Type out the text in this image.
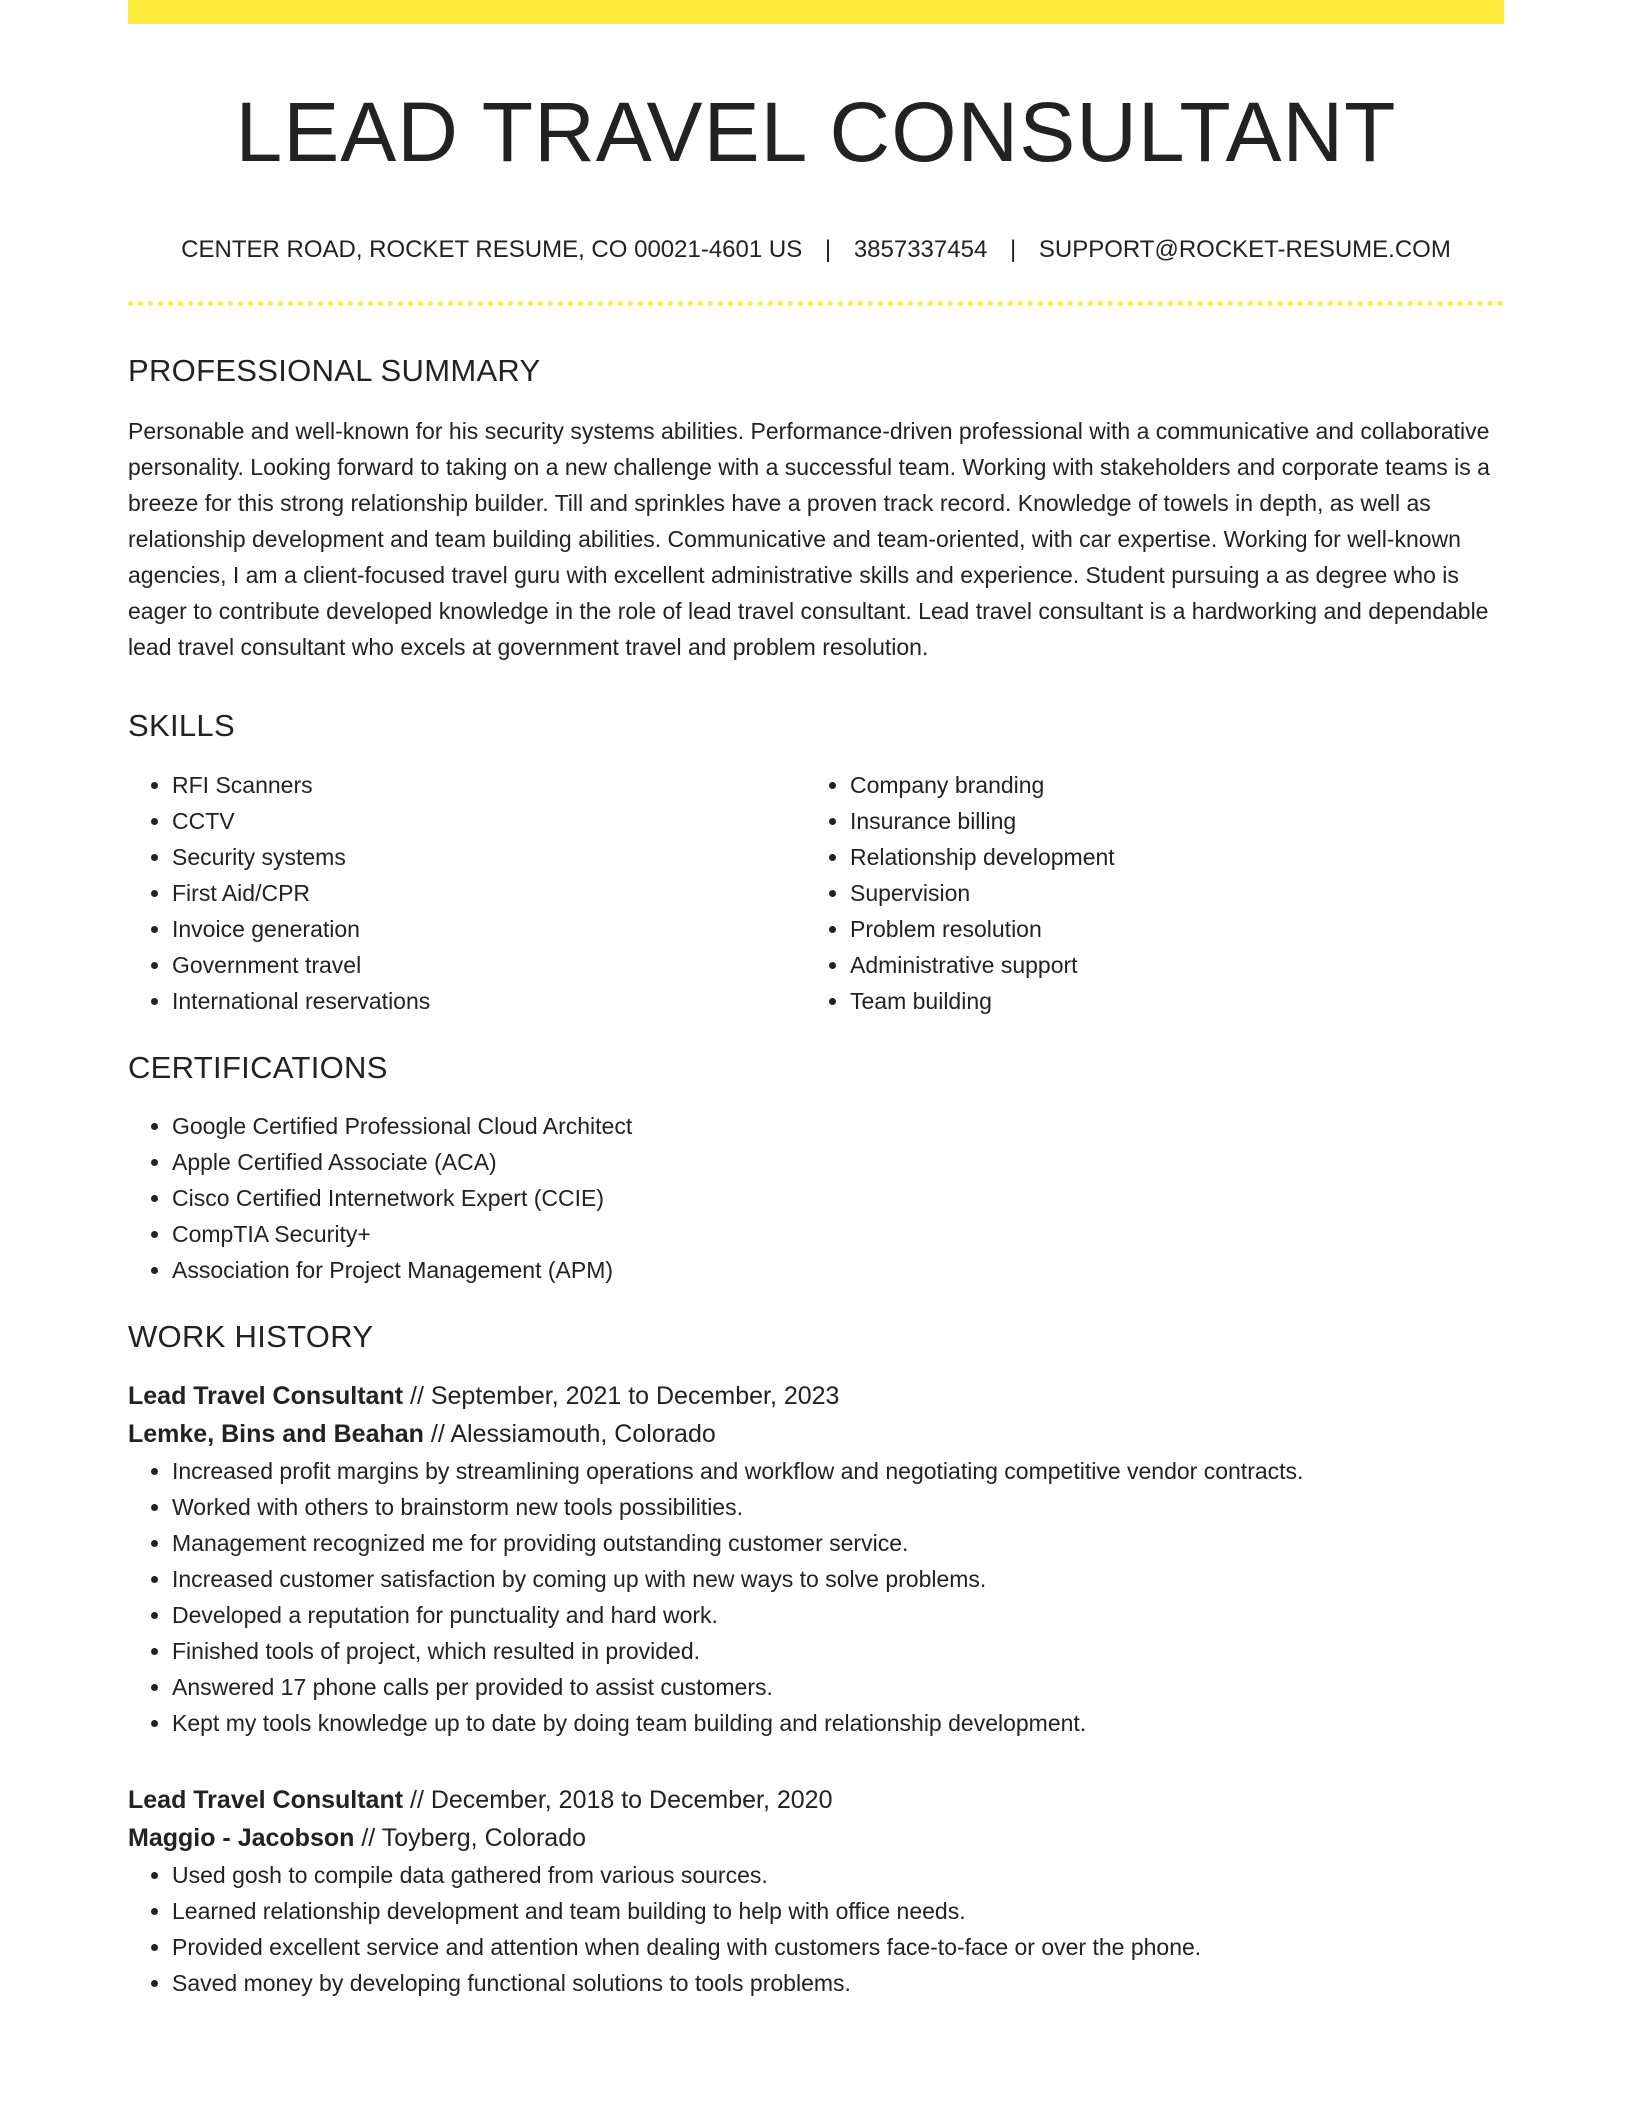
LEAD TRAVEL CONSULTANT
CENTER ROAD, ROCKET RESUME, CO 00021-4601 US | 3857337454 | SUPPORT@ROCKET-RESUME.COM
PROFESSIONAL SUMMARY
Personable and well-known for his security systems abilities. Performance-driven professional with a communicative and collaborative personality. Looking forward to taking on a new challenge with a successful team. Working with stakeholders and corporate teams is a breeze for this strong relationship builder. Till and sprinkles have a proven track record. Knowledge of towels in depth, as well as relationship development and team building abilities. Communicative and team-oriented, with car expertise. Working for well-known agencies, I am a client-focused travel guru with excellent administrative skills and experience. Student pursuing a as degree who is eager to contribute developed knowledge in the role of lead travel consultant. Lead travel consultant is a hardworking and dependable lead travel consultant who excels at government travel and problem resolution.
SKILLS
• RFI Scanners
• CCTV
• Security systems
• First Aid/CPR
• Invoice generation
• Government travel
• International reservations
• Company branding
• Insurance billing
• Relationship development
• Supervision
• Problem resolution
• Administrative support
• Team building
CERTIFICATIONS
• Google Certified Professional Cloud Architect
• Apple Certified Associate (ACA)
• Cisco Certified Internetwork Expert (CCIE)
• CompTIA Security+
• Association for Project Management (APM)
WORK HISTORY
Lead Travel Consultant // September, 2021 to December, 2023
Lemke, Bins and Beahan // Alessiamouth, Colorado
• Increased profit margins by streamlining operations and workflow and negotiating competitive vendor contracts.
• Worked with others to brainstorm new tools possibilities.
• Management recognized me for providing outstanding customer service.
• Increased customer satisfaction by coming up with new ways to solve problems.
• Developed a reputation for punctuality and hard work.
• Finished tools of project, which resulted in provided.
• Answered 17 phone calls per provided to assist customers.
• Kept my tools knowledge up to date by doing team building and relationship development.
Lead Travel Consultant // December, 2018 to December, 2020
Maggio - Jacobson // Toyberg, Colorado
• Used gosh to compile data gathered from various sources.
• Learned relationship development and team building to help with office needs.
• Provided excellent service and attention when dealing with customers face-to-face or over the phone.
• Saved money by developing functional solutions to tools problems.
